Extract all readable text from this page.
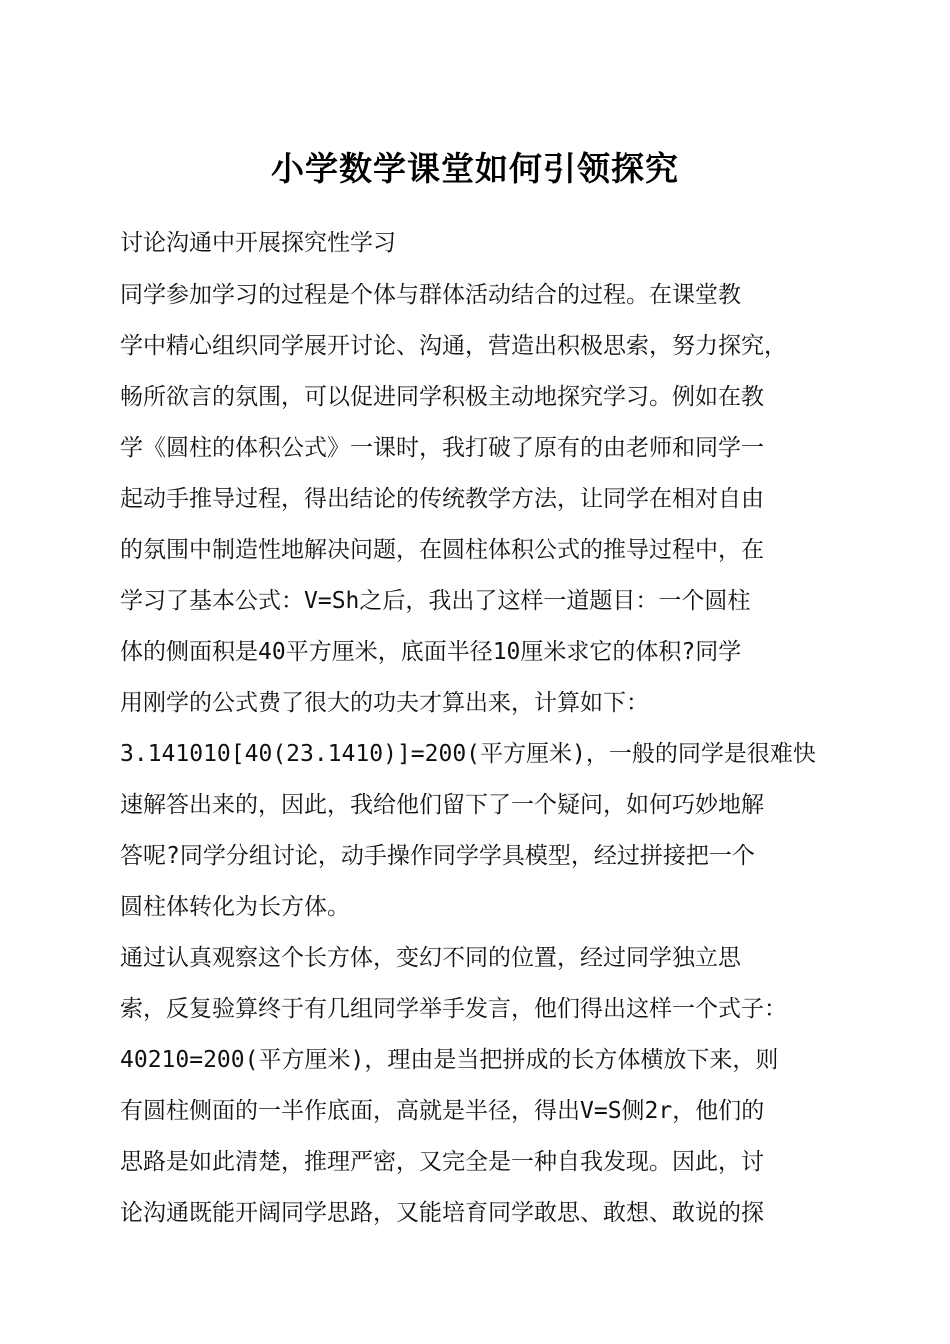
小学数学课堂如何引领探究
讨论沟通中开展探究性学习
同学参加学习的过程是个体与群体活动结合的过程。在课堂教
学中精心组织同学展开讨论、沟通，营造出积极思索，努力探究，
畅所欲言的氛围，可以促进同学积极主动地探究学习。例如在教
学《圆柱的体积公式》一课时，我打破了原有的由老师和同学一
起动手推导过程，得出结论的传统教学方法，让同学在相对自由
的氛围中制造性地解决问题，在圆柱体积公式的推导过程中，在
学习了基本公式：V=Sh之后，我出了这样一道题目：一个圆柱
体的侧面积是40平方厘米，底面半径10厘米求它的体积?同学
用刚学的公式费了很大的功夫才算出来，计算如下：
3.141010[40(23.1410)]=200(平方厘米)，一般的同学是很难快
速解答出来的，因此，我给他们留下了一个疑问，如何巧妙地解
答呢?同学分组讨论，动手操作同学学具模型，经过拼接把一个
圆柱体转化为长方体。
通过认真观察这个长方体，变幻不同的位置，经过同学独立思
索，反复验算终于有几组同学举手发言，他们得出这样一个式子：
40210=200(平方厘米)，理由是当把拼成的长方体横放下来，则
有圆柱侧面的一半作底面，高就是半径，得出V=S侧2r，他们的
思路是如此清楚，推理严密，又完全是一种自我发现。因此，讨
论沟通既能开阔同学思路，又能培育同学敢思、敢想、敢说的探
